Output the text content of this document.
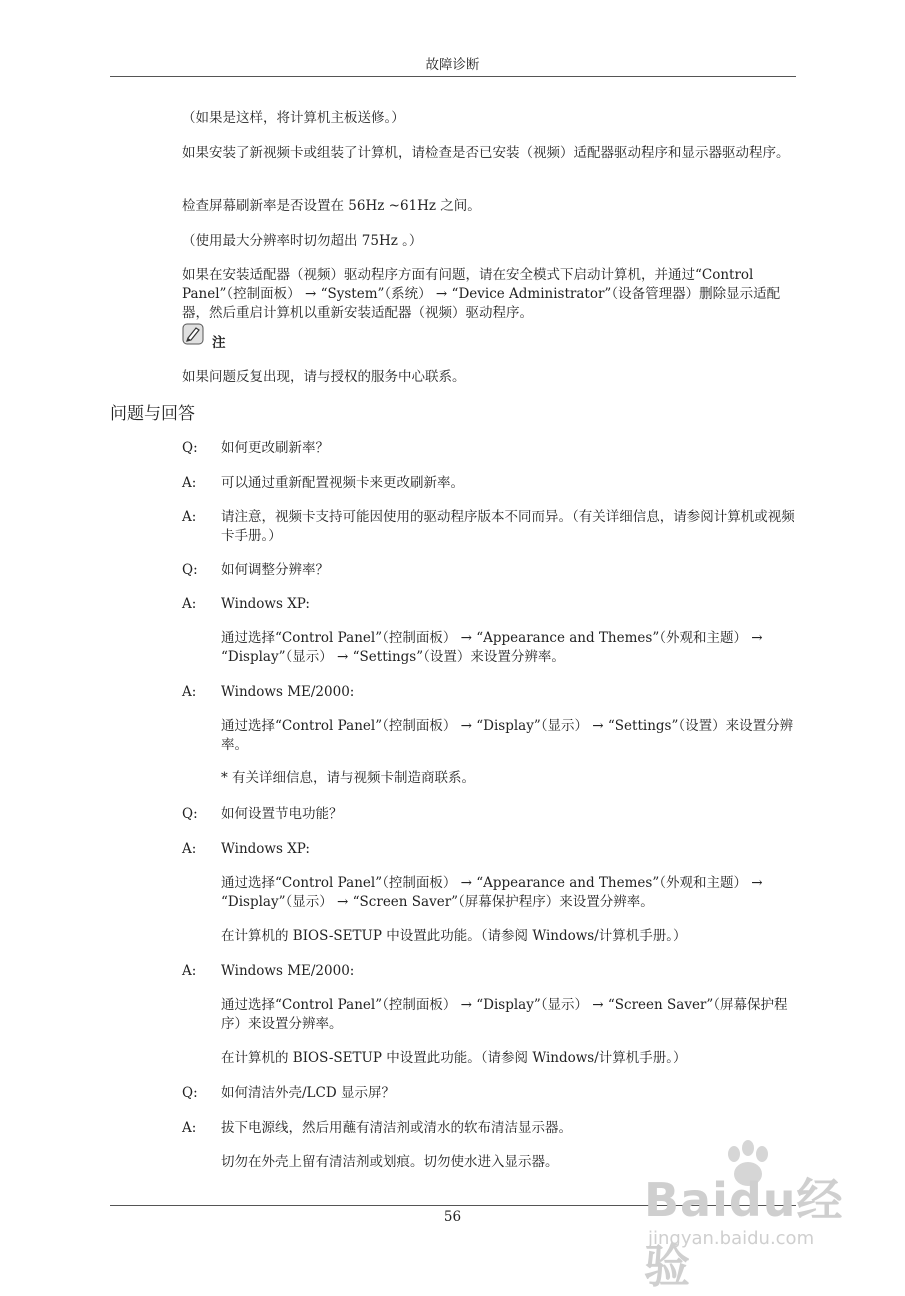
故障诊断
（如果是这样，将计算机主板送修。）
如果安装了新视频卡或组装了计算机，请检查是否已安装（视频）适配器驱动程序和显示器驱动程序。
检查屏幕刷新率是否设置在 56Hz ~61Hz 之间。
（使用最大分辨率时切勿超出 75Hz 。）
如果在安装适配器（视频）驱动程序方面有问题，请在安全模式下启动计算机，并通过“Control Panel”（控制面板） → “System”（系统） → “Device Administrator”（设备管理器）删除显示适配器，然后重启计算机以重新安装适配器（视频）驱动程序。
注
如果问题反复出现，请与授权的服务中心联系。
问题与回答
Q: 如何更改刷新率？
A: 可以通过重新配置视频卡来更改刷新率。
A: 请注意，视频卡支持可能因使用的驱动程序版本不同而异。（有关详细信息，请参阅计算机或视频卡手册。）
Q: 如何调整分辨率？
A: Windows XP:
通过选择“Control Panel”（控制面板） → “Appearance and Themes”（外观和主题） → “Display”（显示） → “Settings”（设置）来设置分辨率。
A: Windows ME/2000:
通过选择“Control Panel”（控制面板） → “Display”（显示） → “Settings”（设置）来设置分辨率。
* 有关详细信息，请与视频卡制造商联系。
Q: 如何设置节电功能？
A: Windows XP:
通过选择“Control Panel”（控制面板） → “Appearance and Themes”（外观和主题） → “Display”（显示） → “Screen Saver”（屏幕保护程序）来设置分辨率。
在计算机的 BIOS-SETUP 中设置此功能。（请参阅 Windows/计算机手册。）
A: Windows ME/2000:
通过选择“Control Panel”（控制面板） → “Display”（显示） → “Screen Saver”（屏幕保护程序）来设置分辨率。
在计算机的 BIOS-SETUP 中设置此功能。（请参阅 Windows/计算机手册。）
Q: 如何清洁外壳/LCD 显示屏？
A: 拔下电源线，然后用蘸有清洁剂或清水的软布清洁显示器。
切勿在外壳上留有清洁剂或划痕。切勿使水进入显示器。
56	Baidu经验
jingyan.baidu.com
